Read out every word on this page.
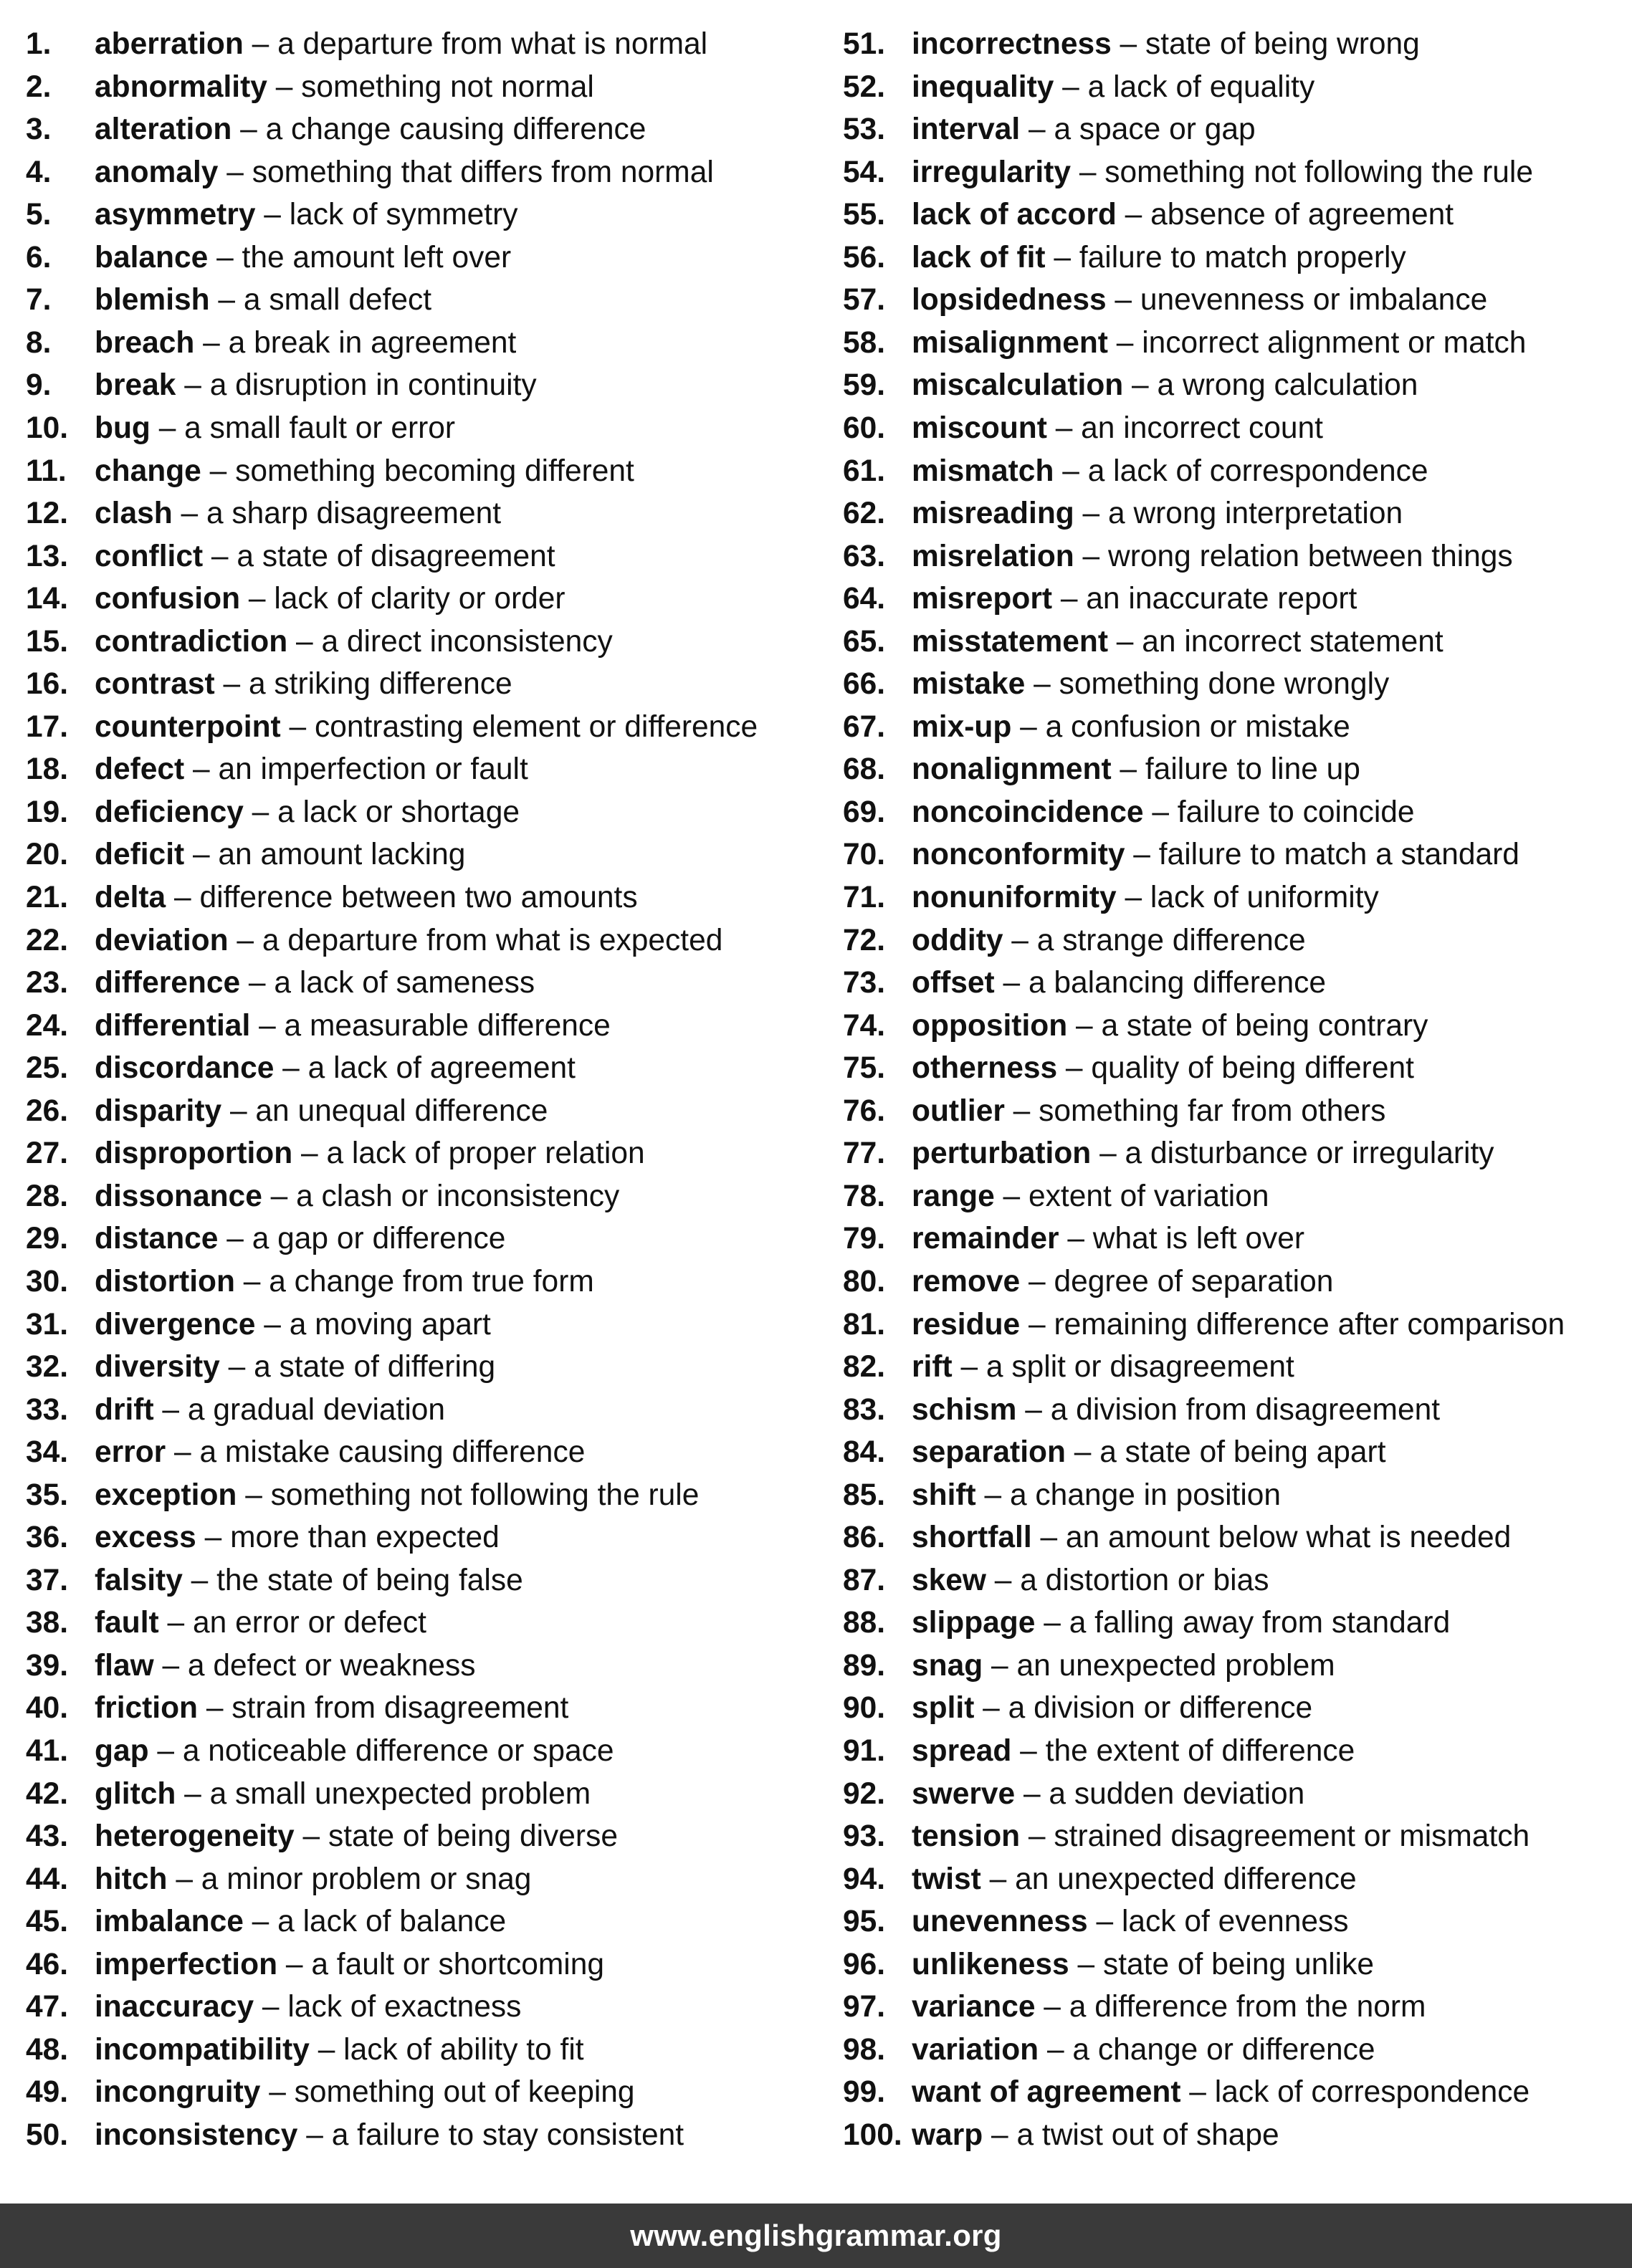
1. aberration – a departure from what is normal
2. abnormality – something not normal
3. alteration – a change causing difference
4. anomaly – something that differs from normal
5. asymmetry – lack of symmetry
6. balance – the amount left over
7. blemish – a small defect
8. breach – a break in agreement
9. break – a disruption in continuity
10. bug – a small fault or error
11. change – something becoming different
12. clash – a sharp disagreement
13. conflict – a state of disagreement
14. confusion – lack of clarity or order
15. contradiction – a direct inconsistency
16. contrast – a striking difference
17. counterpoint – contrasting element or difference
18. defect – an imperfection or fault
19. deficiency – a lack or shortage
20. deficit – an amount lacking
21. delta – difference between two amounts
22. deviation – a departure from what is expected
23. difference – a lack of sameness
24. differential – a measurable difference
25. discordance – a lack of agreement
26. disparity – an unequal difference
27. disproportion – a lack of proper relation
28. dissonance – a clash or inconsistency
29. distance – a gap or difference
30. distortion – a change from true form
31. divergence – a moving apart
32. diversity – a state of differing
33. drift – a gradual deviation
34. error – a mistake causing difference
35. exception – something not following the rule
36. excess – more than expected
37. falsity – the state of being false
38. fault – an error or defect
39. flaw – a defect or weakness
40. friction – strain from disagreement
41. gap – a noticeable difference or space
42. glitch – a small unexpected problem
43. heterogeneity – state of being diverse
44. hitch – a minor problem or snag
45. imbalance – a lack of balance
46. imperfection – a fault or shortcoming
47. inaccuracy – lack of exactness
48. incompatibility – lack of ability to fit
49. incongruity – something out of keeping
50. inconsistency – a failure to stay consistent
51. incorrectness – state of being wrong
52. inequality – a lack of equality
53. interval – a space or gap
54. irregularity – something not following the rule
55. lack of accord – absence of agreement
56. lack of fit – failure to match properly
57. lopsidedness – unevenness or imbalance
58. misalignment – incorrect alignment or match
59. miscalculation – a wrong calculation
60. miscount – an incorrect count
61. mismatch – a lack of correspondence
62. misreading – a wrong interpretation
63. misrelation – wrong relation between things
64. misreport – an inaccurate report
65. misstatement – an incorrect statement
66. mistake – something done wrongly
67. mix-up – a confusion or mistake
68. nonalignment – failure to line up
69. noncoincidence – failure to coincide
70. nonconformity – failure to match a standard
71. nonuniformity – lack of uniformity
72. oddity – a strange difference
73. offset – a balancing difference
74. opposition – a state of being contrary
75. otherness – quality of being different
76. outlier – something far from others
77. perturbation – a disturbance or irregularity
78. range – extent of variation
79. remainder – what is left over
80. remove – degree of separation
81. residue – remaining difference after comparison
82. rift – a split or disagreement
83. schism – a division from disagreement
84. separation – a state of being apart
85. shift – a change in position
86. shortfall – an amount below what is needed
87. skew – a distortion or bias
88. slippage – a falling away from standard
89. snag – an unexpected problem
90. split – a division or difference
91. spread – the extent of difference
92. swerve – a sudden deviation
93. tension – strained disagreement or mismatch
94. twist – an unexpected difference
95. unevenness – lack of evenness
96. unlikeness – state of being unlike
97. variance – a difference from the norm
98. variation – a change or difference
99. want of agreement – lack of correspondence
100. warp – a twist out of shape
www.englishgrammar.org
